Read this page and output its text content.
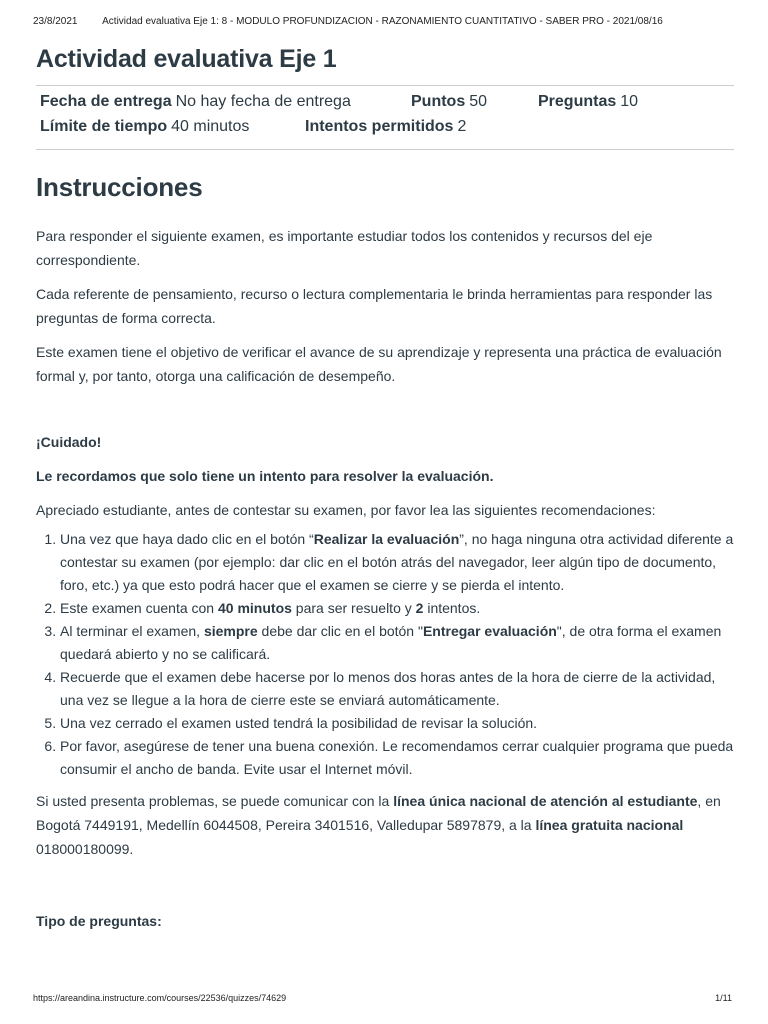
23/8/2021	Actividad evaluativa Eje 1: 8 - MODULO PROFUNDIZACION - RAZONAMIENTO CUANTITATIVO - SABER PRO - 2021/08/16
Actividad evaluativa Eje 1
Fecha de entrega No hay fecha de entrega	Puntos 50	Preguntas 10
Límite de tiempo 40 minutos	Intentos permitidos 2
Instrucciones

Para responder el siguiente examen, es importante estudiar todos los contenidos y recursos del eje correspondiente.

Cada referente de pensamiento, recurso o lectura complementaria le brinda herramientas para responder las preguntas de forma correcta.

Este examen tiene el objetivo de verificar el avance de su aprendizaje y representa una práctica de evaluación formal y, por tanto, otorga una calificación de desempeño.

¡Cuidado!

Le recordamos que solo tiene un intento para resolver la evaluación.

Apreciado estudiante, antes de contestar su examen, por favor lea las siguientes recomendaciones:

1. Una vez que haya dado clic en el botón “Realizar la evaluación”, no haga ninguna otra actividad diferente a contestar su examen (por ejemplo: dar clic en el botón atrás del navegador, leer algún tipo de documento, foro, etc.) ya que esto podrá hacer que el examen se cierre y se pierda el intento.
2. Este examen cuenta con 40 minutos para ser resuelto y 2 intentos.
3. Al terminar el examen, siempre debe dar clic en el botón "Entregar evaluación", de otra forma el examen quedará abierto y no se calificará.
4. Recuerde que el examen debe hacerse por lo menos dos horas antes de la hora de cierre de la actividad, una vez se llegue a la hora de cierre este se enviará automáticamente.
5. Una vez cerrado el examen usted tendrá la posibilidad de revisar la solución.
6. Por favor, asegúrese de tener una buena conexión. Le recomendamos cerrar cualquier programa que pueda consumir el ancho de banda. Evite usar el Internet móvil.

Si usted presenta problemas, se puede comunicar con la línea única nacional de atención al estudiante, en Bogotá 7449191, Medellín 6044508, Pereira 3401516, Valledupar 5897879, a la línea gratuita nacional 018000180099.

Tipo de preguntas:

https://areandina.instructure.com/courses/22536/quizzes/74629	1/11
